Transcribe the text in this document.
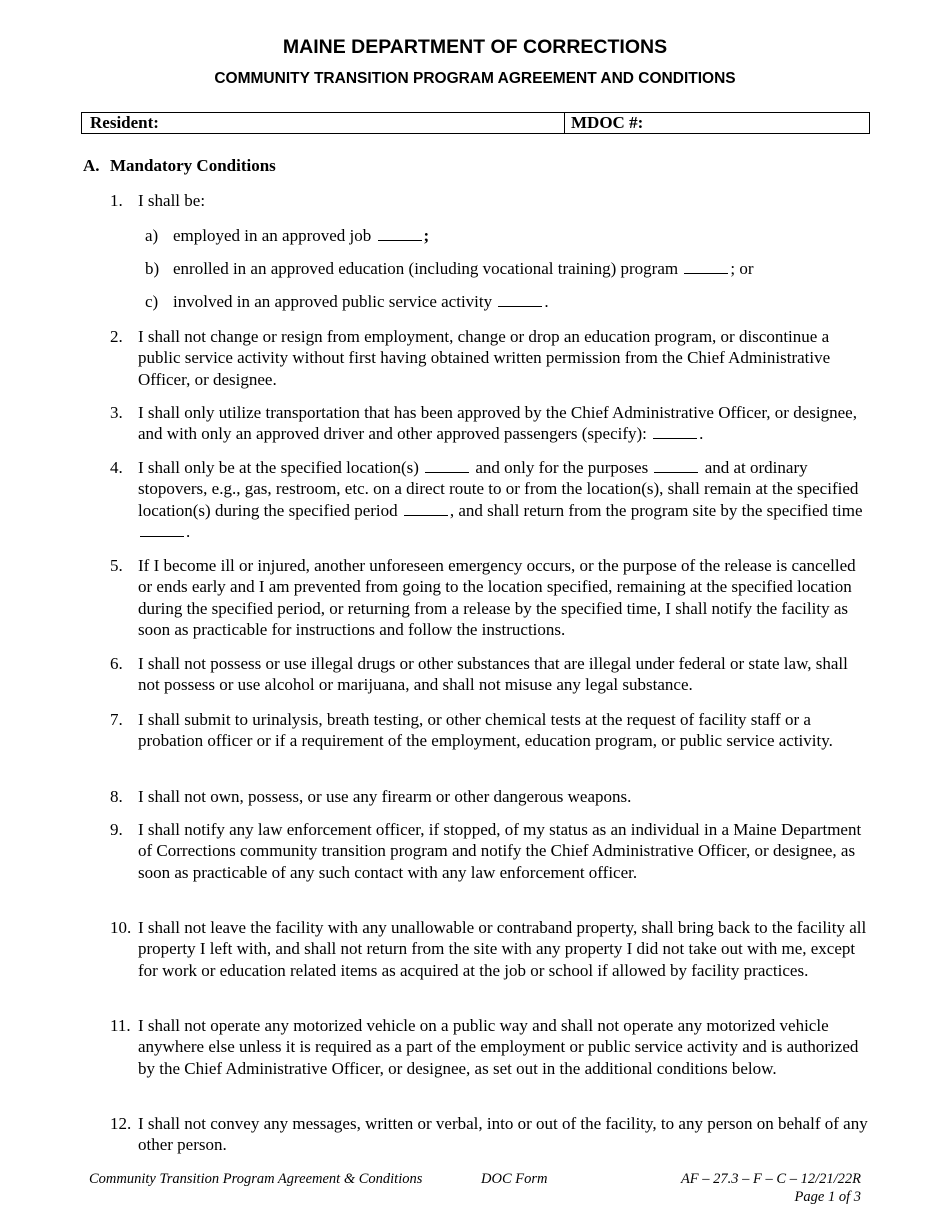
MAINE DEPARTMENT OF CORRECTIONS
COMMUNITY TRANSITION PROGRAM AGREEMENT AND CONDITIONS
Resident:	MDOC #:
A. Mandatory Conditions
1. I shall be:
a) employed in an approved job	;
b) enrolled in an approved education (including vocational training) program	; or
c) involved in an approved public service activity	.
2. I shall not change or resign from employment, change or drop an education program, or discontinue a public service activity without first having obtained written permission from the Chief Administrative Officer, or designee.
3. I shall only utilize transportation that has been approved by the Chief Administrative Officer, or designee, and with only an approved driver and other approved passengers (specify):	.
4. I shall only be at the specified location(s)	and only for the purposes	and at ordinary stopovers, e.g., gas, restroom, etc. on a direct route to or from the location(s), shall remain at the specified location(s) during the specified period	, and shall return from the program site by the specified time .
5. If I become ill or injured, another unforeseen emergency occurs, or the purpose of the release is cancelled or ends early and I am prevented from going to the location specified, remaining at the specified location during the specified period, or returning from a release by the specified time, I shall notify the facility as soon as practicable for instructions and follow the instructions.
6. I shall not possess or use illegal drugs or other substances that are illegal under federal or state law, shall not possess or use alcohol or marijuana, and shall not misuse any legal substance.
7. I shall submit to urinalysis, breath testing, or other chemical tests at the request of facility staff or a probation officer or if a requirement of the employment, education program, or public service activity.
8. I shall not own, possess, or use any firearm or other dangerous weapons.
9. I shall notify any law enforcement officer, if stopped, of my status as an individual in a Maine Department of Corrections community transition program and notify the Chief Administrative Officer, or designee, as soon as practicable of any such contact with any law enforcement officer.
10. I shall not leave the facility with any unallowable or contraband property, shall bring back to the facility all property I left with, and shall not return from the site with any property I did not take out with me, except for work or education related items as acquired at the job or school if allowed by facility practices.
11. I shall not operate any motorized vehicle on a public way and shall not operate any motorized vehicle anywhere else unless it is required as a part of the employment or public service activity and is authorized by the Chief Administrative Officer, or designee, as set out in the additional conditions below.
12. I shall not convey any messages, written or verbal, into or out of the facility, to any person on behalf of any other person.
Community Transition Program Agreement & Conditions	DOC Form	AF – 27.3 – F – C – 12/21/22R
Page 1 of 3
